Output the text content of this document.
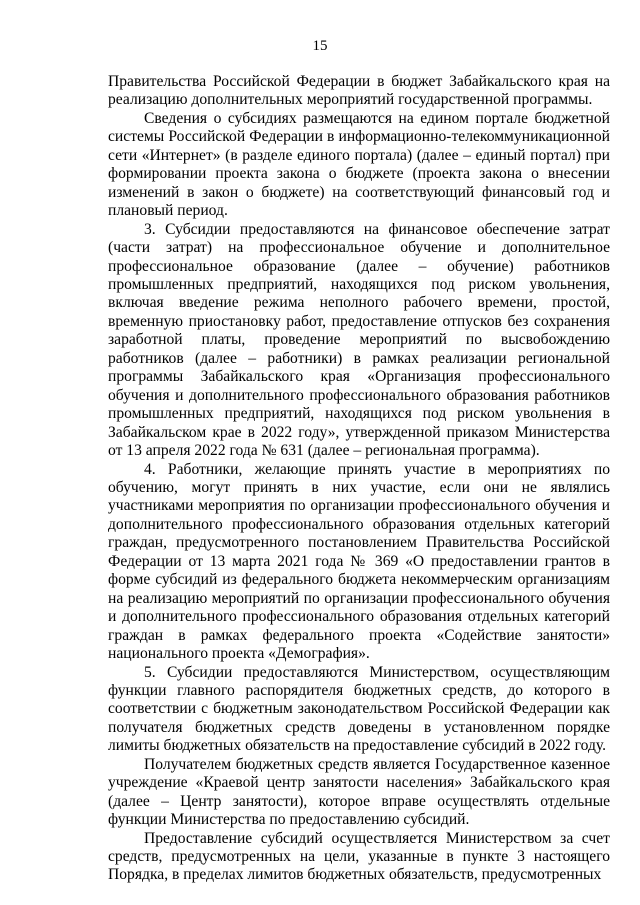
15

Правительства Российской Федерации в бюджет Забайкальского края на реализацию дополнительных мероприятий государственной программы.

Сведения о субсидиях размещаются на едином портале бюджетной системы Российской Федерации в информационно-телекоммуникационной сети «Интернет» (в разделе единого портала) (далее – единый портал) при формировании проекта закона о бюджете (проекта закона о внесении изменений в закон о бюджете) на соответствующий финансовый год и плановый период.

3. Субсидии предоставляются на финансовое обеспечение затрат (части затрат) на профессиональное обучение и дополнительное профессиональное образование (далее – обучение) работников промышленных предприятий, находящихся под риском увольнения, включая введение режима неполного рабочего времени, простой, временную приостановку работ, предоставление отпусков без сохранения заработной платы, проведение мероприятий по высвобождению работников (далее – работники) в рамках реализации региональной программы Забайкальского края «Организация профессионального обучения и дополнительного профессионального образования работников промышленных предприятий, находящихся под риском увольнения в Забайкальском крае в 2022 году», утвержденной приказом Министерства от 13 апреля 2022 года № 631 (далее – региональная программа).

4. Работники, желающие принять участие в мероприятиях по обучению, могут принять в них участие, если они не являлись участниками мероприятия по организации профессионального обучения и дополнительного профессионального образования отдельных категорий граждан, предусмотренного постановлением Правительства Российской Федерации от 13 марта 2021 года № 369 «О предоставлении грантов в форме субсидий из федерального бюджета некоммерческим организациям на реализацию мероприятий по организации профессионального обучения и дополнительного профессионального образования отдельных категорий граждан в рамках федерального проекта «Содействие занятости» национального проекта «Демография».

5. Субсидии предоставляются Министерством, осуществляющим функции главного распорядителя бюджетных средств, до которого в соответствии с бюджетным законодательством Российской Федерации как получателя бюджетных средств доведены в установленном порядке лимиты бюджетных обязательств на предоставление субсидий в 2022 году.

Получателем бюджетных средств является Государственное казенное учреждение «Краевой центр занятости населения» Забайкальского края (далее – Центр занятости), которое вправе осуществлять отдельные функции Министерства по предоставлению субсидий.

Предоставление субсидий осуществляется Министерством за счет средств, предусмотренных на цели, указанные в пункте 3 настоящего Порядка, в пределах лимитов бюджетных обязательств, предусмотренных
